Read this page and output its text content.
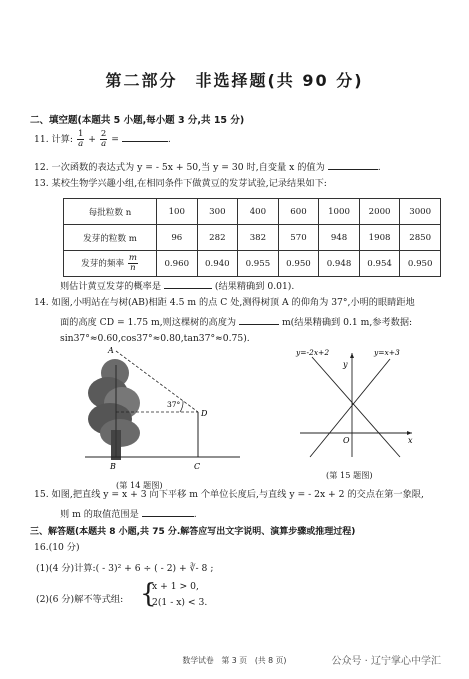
第二部分　非选择题(共 90 分)
二、填空题(本题共 5 小题,每小题 3 分,共 15 分)
11. 计算: $\frac{1}{a} + \frac{2}{a}$ =	.
12. 一次函数的表达式为 y = - 5x + 50,当 y = 30 时,自变量 x 的值为	.
13. 某校生物学兴趣小组,在相同条件下做黄豆的发芽试验,记录结果如下:
每批粒数 n	100	300	400	600	1000	2000	3000
发芽的粒数 m	96	282	382	570	948	1908	2850
发芽的频率 $\frac{m}{n}$	0.960	0.940	0.955	0.950	0.948	0.954	0.950
则估计黄豆发芽的概率是	(结果精确到 0.01).
14. 如图,小明站在与树(AB)相距 4.5 m 的点 C 处,测得树顶 A 的仰角为 37°,小明的眼睛距地
面的高度 CD = 1.75 m,则这棵树的高度为	m(结果精确到 0.1 m,参考数据:
sin37°≈0.60,cos37°≈0.80,tan37°≈0.75).
A
B	C
D
37°
(第 14 题图)
y=-2x+2	y=x+3
y
x
O
(第 15 题图)
15. 如图,把直线 y = x + 3 向下平移 m 个单位长度后,与直线 y = - 2x + 2 的交点在第一象限,
则 m 的取值范围是	.
三、解答题(本题共 8 小题,共 75 分.解答应写出文字说明、演算步骤或推理过程)
16.(10 分)
(1)(4 分)计算:( - 3)² + 6 ÷ ( - 2) + ∛- 8 ;
(2)(6 分)解不等式组: {
x + 1 > 0,
2(1 - x) < 3.
数学试卷　第 3 页　(共 8 页)	公众号 · 辽宁掌心中学汇
